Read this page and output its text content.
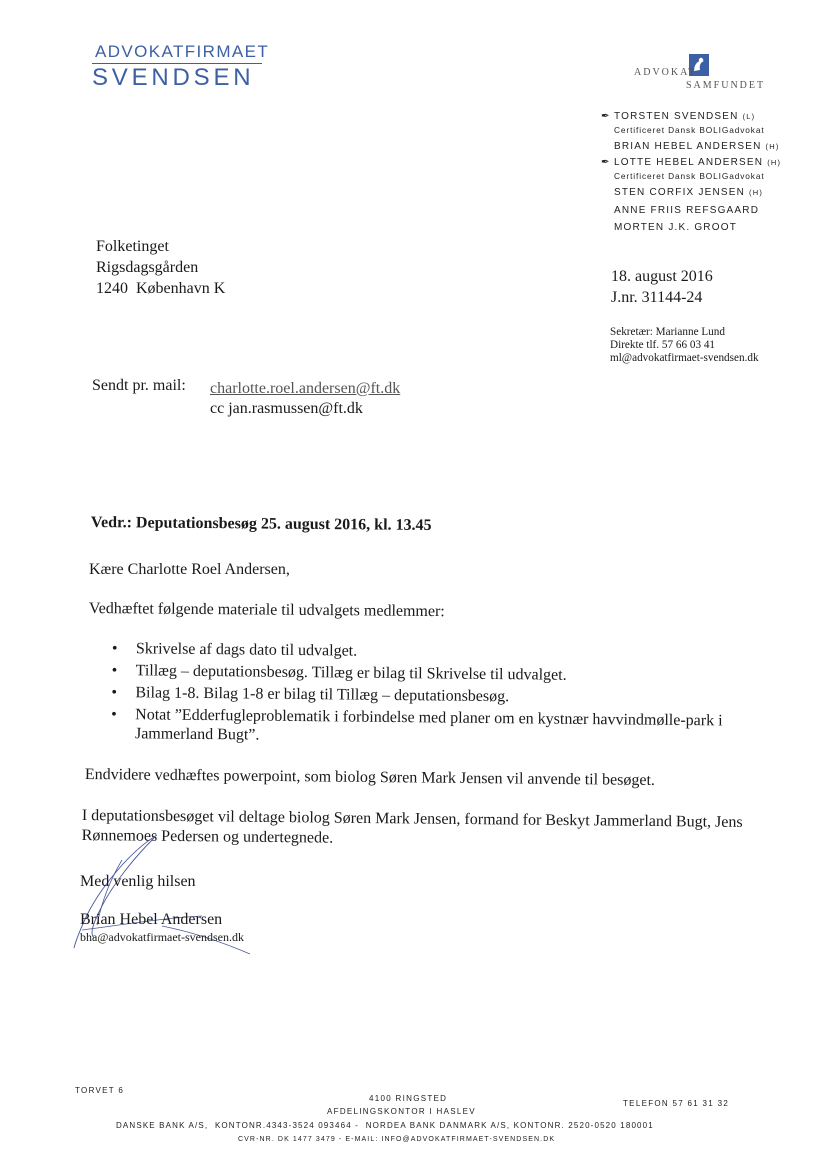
ADVOKATFIRMAET
SVENDSEN	ADVOKAT
SAMFUNDET
✒ TORSTEN SVENDSEN (L)
Certificeret Dansk BOLIGadvokat
BRIAN HEBEL ANDERSEN (H)
✒ LOTTE HEBEL ANDERSEN (H)
Certificeret Dansk BOLIGadvokat
STEN CORFIX JENSEN (H)
ANNE FRIIS REFSGAARD
MORTEN J.K. GROOT
Folketinget
Rigsdagsgården
1240  København K
18. august 2016
J.nr. 31144-24
Sekretær: Marianne Lund
Direkte tlf. 57 66 03 41
ml@advokatfirmaet-svendsen.dk
Sendt pr. mail: charlotte.roel.andersen@ft.dk
cc jan.rasmussen@ft.dk
Vedr.: Deputationsbesøg 25. august 2016, kl. 13.45
Kære Charlotte Roel Andersen,
Vedhæftet følgende materiale til udvalgets medlemmer:
• Skrivelse af dags dato til udvalget.
• Tillæg – deputationsbesøg. Tillæg er bilag til Skrivelse til udvalget.
• Bilag 1-8. Bilag 1-8 er bilag til Tillæg – deputationsbesøg.
• Notat ”Edderfugleproblematik i forbindelse med planer om en kystnær havvindmølle-park i Jammerland Bugt”.
Endvidere vedhæftes powerpoint, som biolog Søren Mark Jensen vil anvende til besøget.
I deputationsbesøget vil deltage biolog Søren Mark Jensen, formand for Beskyt Jammerland Bugt, Jens Rønnemoes Pedersen og undertegnede.
Med venlig hilsen
Brian Hebel Andersen
bha@advokatfirmaet-svendsen.dk
TORVET 6
4100 RINGSTED
AFDELINGSKONTOR I HASLEV
TELEFON 57 61 31 32
DANSKE BANK A/S,  KONTONR.4343-3524 093464 -  NORDEA BANK DANMARK A/S, KONTONR. 2520-0520 180001
CVR-NR. DK 1477 3479 - E-MAIL: INFO@ADVOKATFIRMAET-SVENDSEN.DK
